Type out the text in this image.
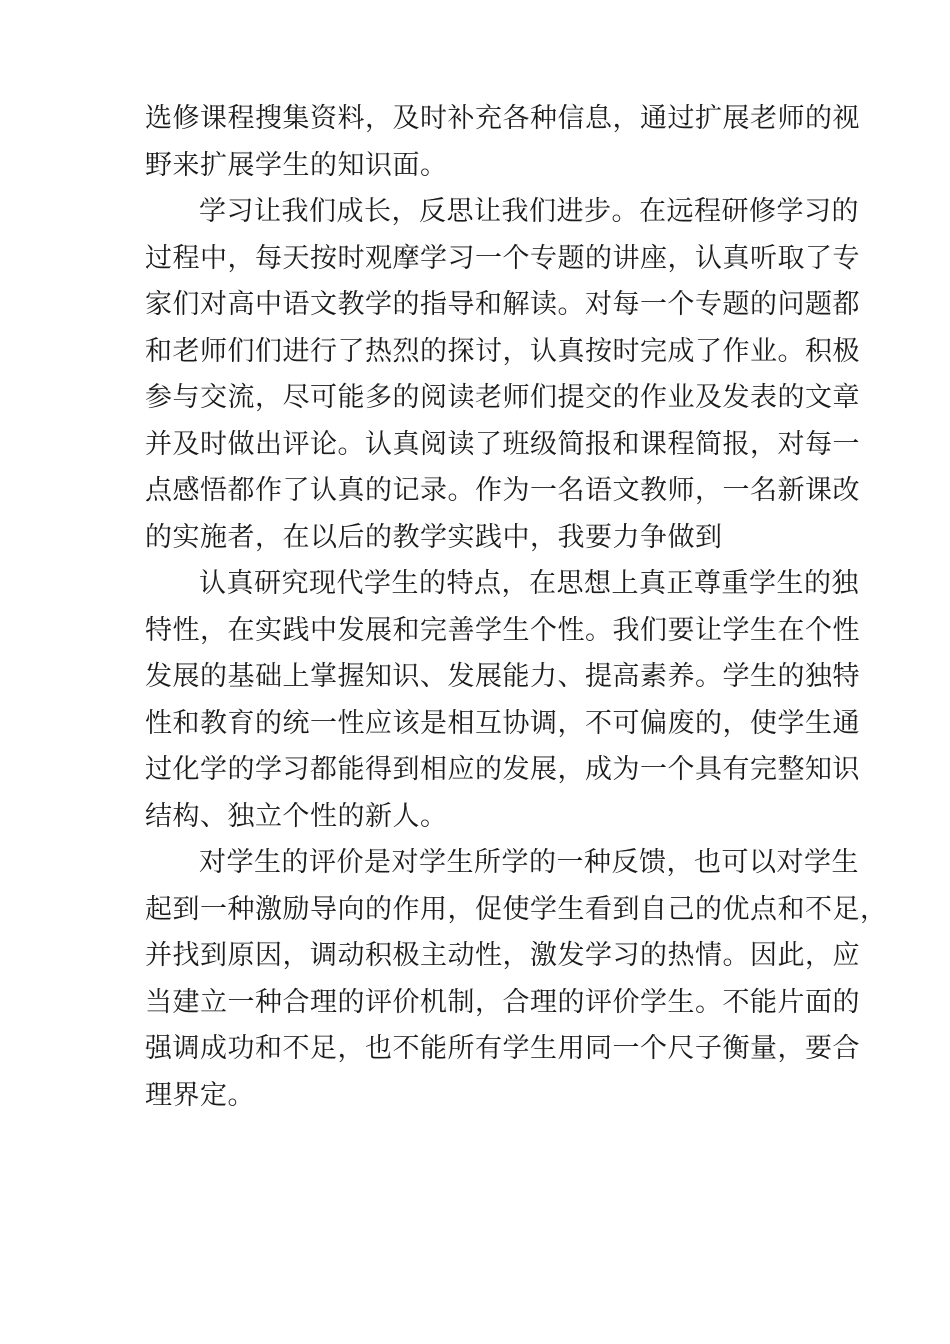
选修课程搜集资料，及时补充各种信息，通过扩展老师的视
野来扩展学生的知识面。
学习让我们成长，反思让我们进步。在远程研修学习的
过程中，每天按时观摩学习一个专题的讲座，认真听取了专
家们对高中语文教学的指导和解读。对每一个专题的问题都
和老师们们进行了热烈的探讨，认真按时完成了作业。积极
参与交流，尽可能多的阅读老师们提交的作业及发表的文章
并及时做出评论。认真阅读了班级简报和课程简报，对每一
点感悟都作了认真的记录。作为一名语文教师，一名新课改
的实施者，在以后的教学实践中，我要力争做到
认真研究现代学生的特点，在思想上真正尊重学生的独
特性，在实践中发展和完善学生个性。我们要让学生在个性
发展的基础上掌握知识、发展能力、提高素养。学生的独特
性和教育的统一性应该是相互协调，不可偏废的，使学生通
过化学的学习都能得到相应的发展，成为一个具有完整知识
结构、独立个性的新人。
对学生的评价是对学生所学的一种反馈，也可以对学生
起到一种激励导向的作用，促使学生看到自己的优点和不足，
并找到原因，调动积极主动性，激发学习的热情。因此，应
当建立一种合理的评价机制，合理的评价学生。不能片面的
强调成功和不足，也不能所有学生用同一个尺子衡量，要合
理界定。
